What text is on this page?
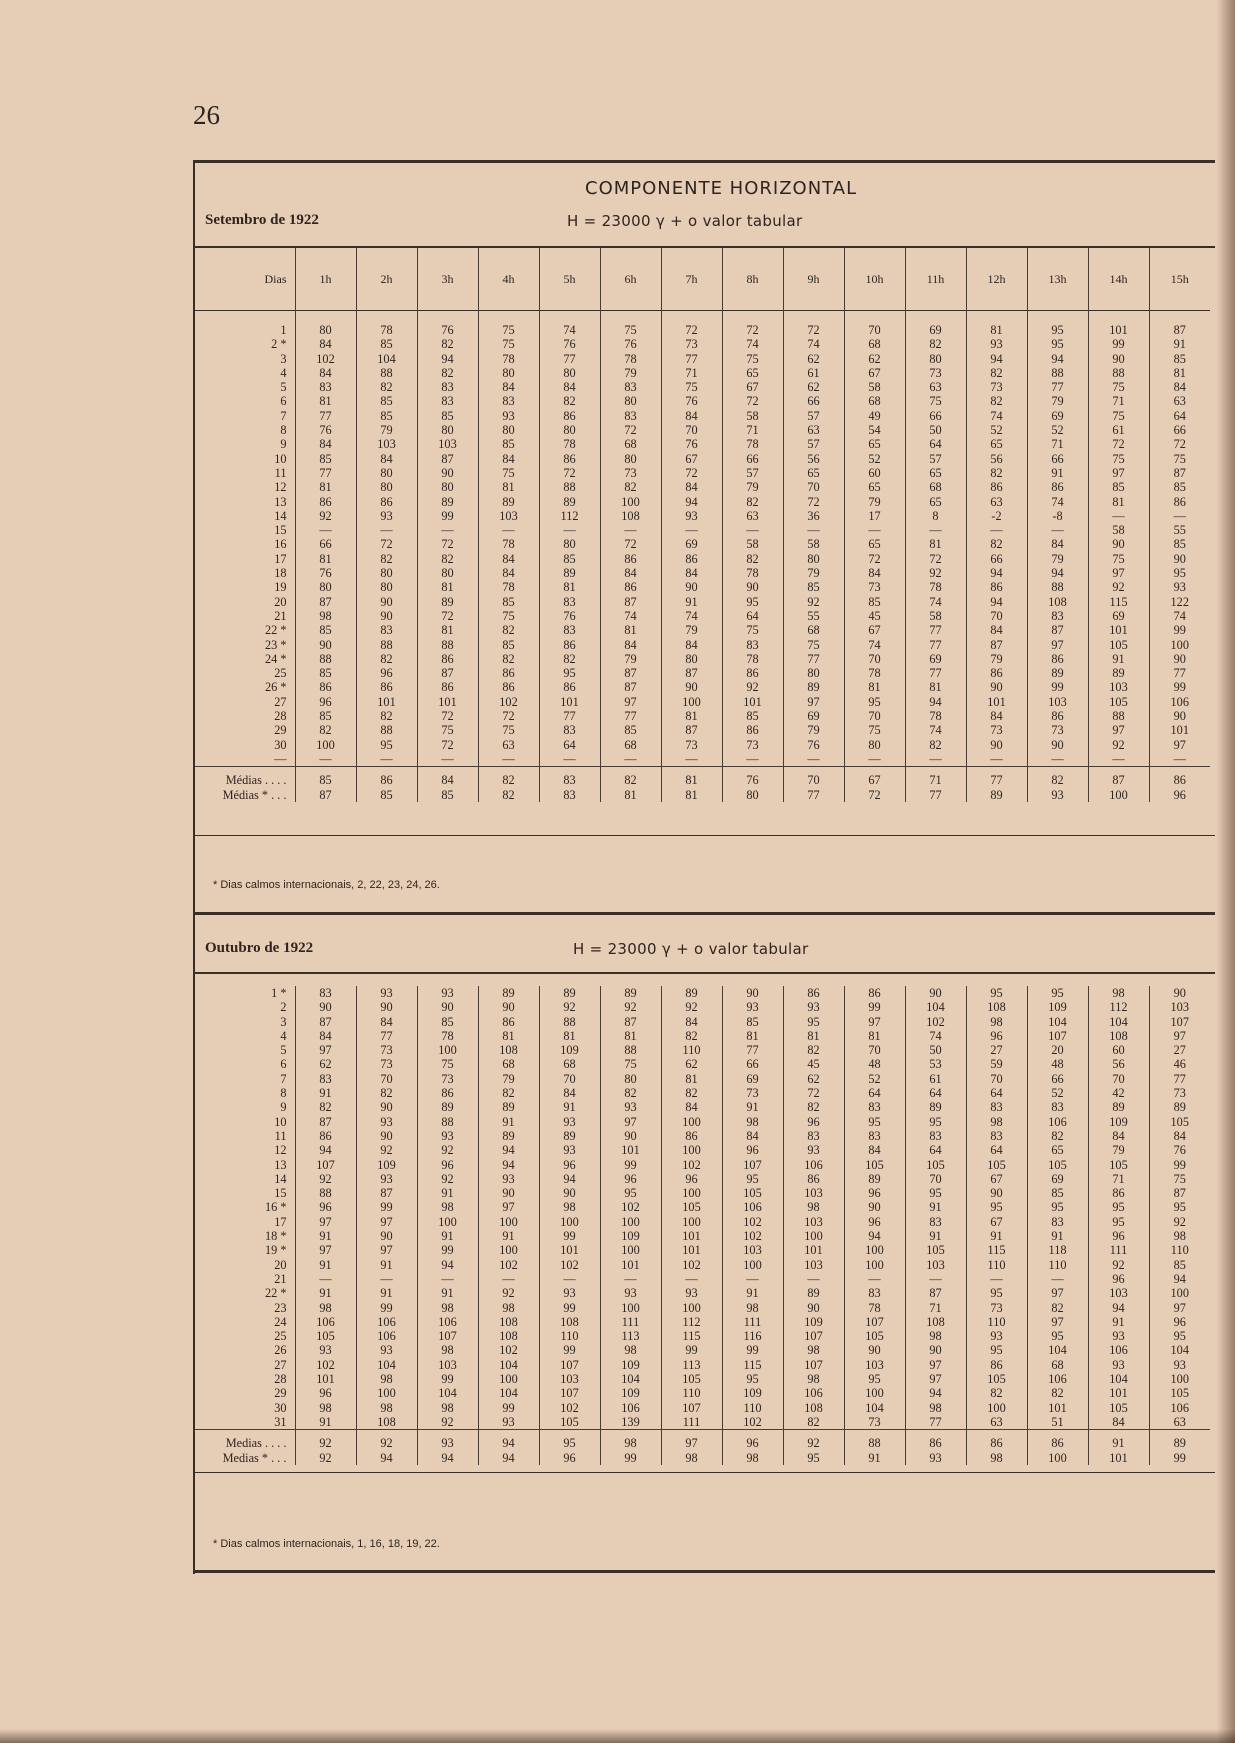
26
COMPONENTE HORIZONTAL
Setembro de 1922	H = 23000 γ + o valor tabular
Dias	1h	2h	3h	4h	5h	6h	7h	8h	9h	10h	11h	12h	13h	14h	15h

1	80	78	76	75	74	75	72	72	72	70	69	81	95	101	87
2 *	84	85	82	75	76	76	73	74	74	68	82	93	95	99	91
3	102	104	94	78	77	78	77	75	62	62	80	94	94	90	85
4	84	88	82	80	80	79	71	65	61	67	73	82	88	88	81
5	83	82	83	84	84	83	75	67	62	58	63	73	77	75	84
6	81	85	83	83	82	80	76	72	66	68	75	82	79	71	63
7	77	85	85	93	86	83	84	58	57	49	66	74	69	75	64
8	76	79	80	80	80	72	70	71	63	54	50	52	52	61	66
9	84	103	103	85	78	68	76	78	57	65	64	65	71	72	72
10	85	84	87	84	86	80	67	66	56	52	57	56	66	75	75
11	77	80	90	75	72	73	72	57	65	60	65	82	91	97	87
12	81	80	80	81	88	82	84	79	70	65	68	86	86	85	85
13	86	86	89	89	89	100	94	82	72	79	65	63	74	81	86
14	92	93	99	103	112	108	93	63	36	17	8	-2	-8	—	—
15	—	—	—	—	—	—	—	—	—	—	—	—	—	58	55
16	66	72	72	78	80	72	69	58	58	65	81	82	84	90	85
17	81	82	82	84	85	86	86	82	80	72	72	66	79	75	90
18	76	80	80	84	89	84	84	78	79	84	92	94	94	97	95
19	80	80	81	78	81	86	90	90	85	73	78	86	88	92	93
20	87	90	89	85	83	87	91	95	92	85	74	94	108	115	122
21	98	90	72	75	76	74	74	64	55	45	58	70	83	69	74
22 *	85	83	81	82	83	81	79	75	68	67	77	84	87	101	99
23 *	90	88	88	85	86	84	84	83	75	74	77	87	97	105	100
24 *	88	82	86	82	82	79	80	78	77	70	69	79	86	91	90
25	85	96	87	86	95	87	87	86	80	78	77	86	89	89	77
26 *	86	86	86	86	86	87	90	92	89	81	81	90	99	103	99
27	96	101	101	102	101	97	100	101	97	95	94	101	103	105	106
28	85	82	72	72	77	77	81	85	69	70	78	84	86	88	90
29	82	88	75	75	83	85	87	86	79	75	74	73	73	97	101
30	100	95	72	63	64	68	73	73	76	80	82	90	90	92	97
—	—	—	—	—	—	—	—	—	—	—	—	—	—	—	—

Médias . . . .	85	86	84	82	83	82	81	76	70	67	71	77	82	87	86
Médias * . . .	87	85	85	82	83	81	81	80	77	72	77	89	93	100	96
* Dias calmos internacionais, 2, 22, 23, 24, 26.
Outubro de 1922	H = 23000 γ + o valor tabular
1 *	83	93	93	89	89	89	89	90	86	86	90	95	95	98	90
2	90	90	90	90	92	92	92	93	93	99	104	108	109	112	103
3	87	84	85	86	88	87	84	85	95	97	102	98	104	104	107
4	84	77	78	81	81	81	82	81	81	81	74	96	107	108	97
5	97	73	100	108	109	88	110	77	82	70	50	27	20	60	27
6	62	73	75	68	68	75	62	66	45	48	53	59	48	56	46
7	83	70	73	79	70	80	81	69	62	52	61	70	66	70	77
8	91	82	86	82	84	82	82	73	72	64	64	64	52	42	73
9	82	90	89	89	91	93	84	91	82	83	89	83	83	89	89
10	87	93	88	91	93	97	100	98	96	95	95	98	106	109	105
11	86	90	93	89	89	90	86	84	83	83	83	83	82	84	84
12	94	92	92	94	93	101	100	96	93	84	64	64	65	79	76
13	107	109	96	94	96	99	102	107	106	105	105	105	105	105	99
14	92	93	92	93	94	96	96	95	86	89	70	67	69	71	75
15	88	87	91	90	90	95	100	105	103	96	95	90	85	86	87
16 *	96	99	98	97	98	102	105	106	98	90	91	95	95	95	95
17	97	97	100	100	100	100	100	102	103	96	83	67	83	95	92
18 *	91	90	91	91	99	109	101	102	100	94	91	91	91	96	98
19 *	97	97	99	100	101	100	101	103	101	100	105	115	118	111	110
20	91	91	94	102	102	101	102	100	103	100	103	110	110	92	85
21	—	—	—	—	—	—	—	—	—	—	—	—	—	96	94
22 *	91	91	91	92	93	93	93	91	89	83	87	95	97	103	100
23	98	99	98	98	99	100	100	98	90	78	71	73	82	94	97
24	106	106	106	108	108	111	112	111	109	107	108	110	97	91	96
25	105	106	107	108	110	113	115	116	107	105	98	93	95	93	95
26	93	93	98	102	99	98	99	99	98	90	90	95	104	106	104
27	102	104	103	104	107	109	113	115	107	103	97	86	68	93	93
28	101	98	99	100	103	104	105	95	98	95	97	105	106	104	100
29	96	100	104	104	107	109	110	109	106	100	94	82	82	101	105
30	98	98	98	99	102	106	107	110	108	104	98	100	101	105	106
31	91	108	92	93	105	139	111	102	82	73	77	63	51	84	63

Medias . . . .	92	92	93	94	95	98	97	96	92	88	86	86	86	91	89
Medias * . . .	92	94	94	94	96	99	98	98	95	91	93	98	100	101	99
* Dias calmos internacionais, 1, 16, 18, 19, 22.
